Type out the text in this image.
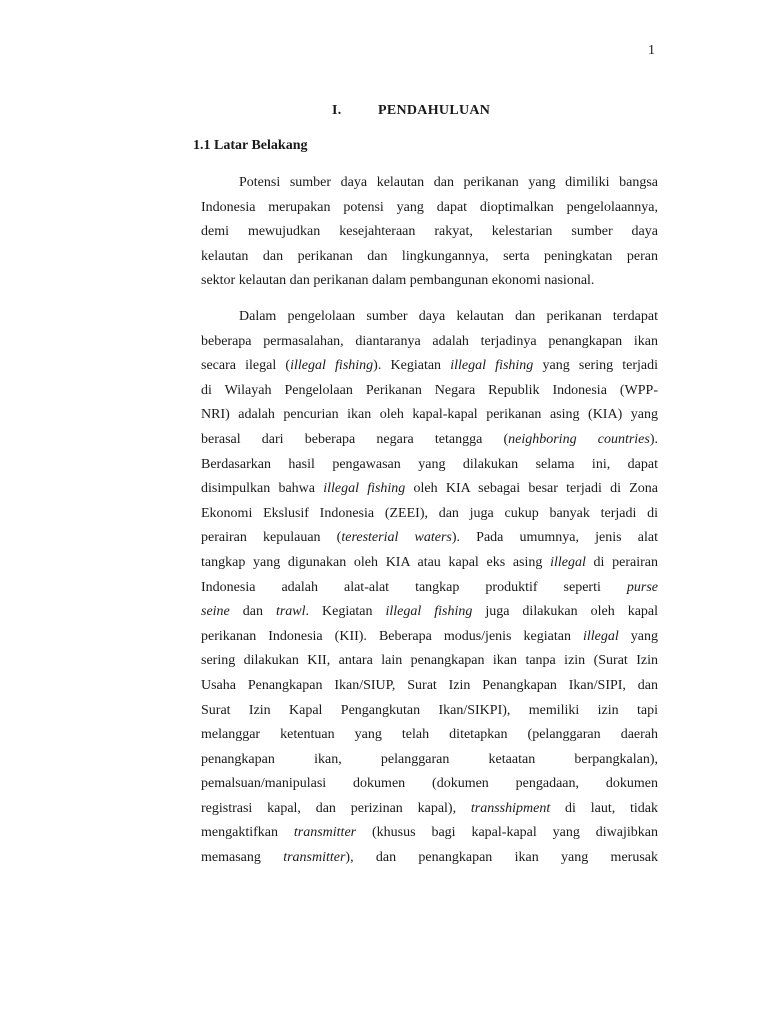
1
I.	PENDAHULUAN
1.1 Latar Belakang
Potensi sumber daya kelautan dan perikanan yang dimiliki bangsa
Indonesia merupakan potensi yang dapat dioptimalkan pengelolaannya,
demi mewujudkan kesejahteraan rakyat, kelestarian sumber daya
kelautan dan perikanan dan lingkungannya, serta peningkatan peran
sektor kelautan dan perikanan dalam pembangunan ekonomi nasional.
Dalam pengelolaan sumber daya kelautan dan perikanan terdapat
beberapa permasalahan, diantaranya adalah terjadinya penangkapan ikan
secara ilegal (illegal fishing). Kegiatan illegal fishing yang sering terjadi
di Wilayah Pengelolaan Perikanan Negara Republik Indonesia (WPP-
NRI) adalah pencurian ikan oleh kapal-kapal perikanan asing (KIA) yang
berasal dari beberapa negara tetangga (neighboring countries).
Berdasarkan hasil pengawasan yang dilakukan selama ini, dapat
disimpulkan bahwa illegal fishing oleh KIA sebagai besar terjadi di Zona
Ekonomi Ekslusif Indonesia (ZEEI), dan juga cukup banyak terjadi di
perairan kepulauan (teresterial waters). Pada umumnya, jenis alat
tangkap yang digunakan oleh KIA atau kapal eks asing illegal di perairan
Indonesia adalah alat-alat tangkap produktif seperti purse
seine dan trawl. Kegiatan illegal fishing juga dilakukan oleh kapal
perikanan Indonesia (KII). Beberapa modus/jenis kegiatan illegal yang
sering dilakukan KII, antara lain penangkapan ikan tanpa izin (Surat Izin
Usaha Penangkapan Ikan/SIUP, Surat Izin Penangkapan Ikan/SIPI, dan
Surat Izin Kapal Pengangkutan Ikan/SIKPI), memiliki izin tapi
melanggar ketentuan yang telah ditetapkan (pelanggaran daerah
penangkapan ikan, pelanggaran ketaatan berpangkalan),
pemalsuan/manipulasi dokumen (dokumen pengadaan, dokumen
registrasi kapal, dan perizinan kapal), transshipment di laut, tidak
mengaktifkan transmitter (khusus bagi kapal-kapal yang diwajibkan
memasang transmitter), dan penangkapan ikan yang merusak
